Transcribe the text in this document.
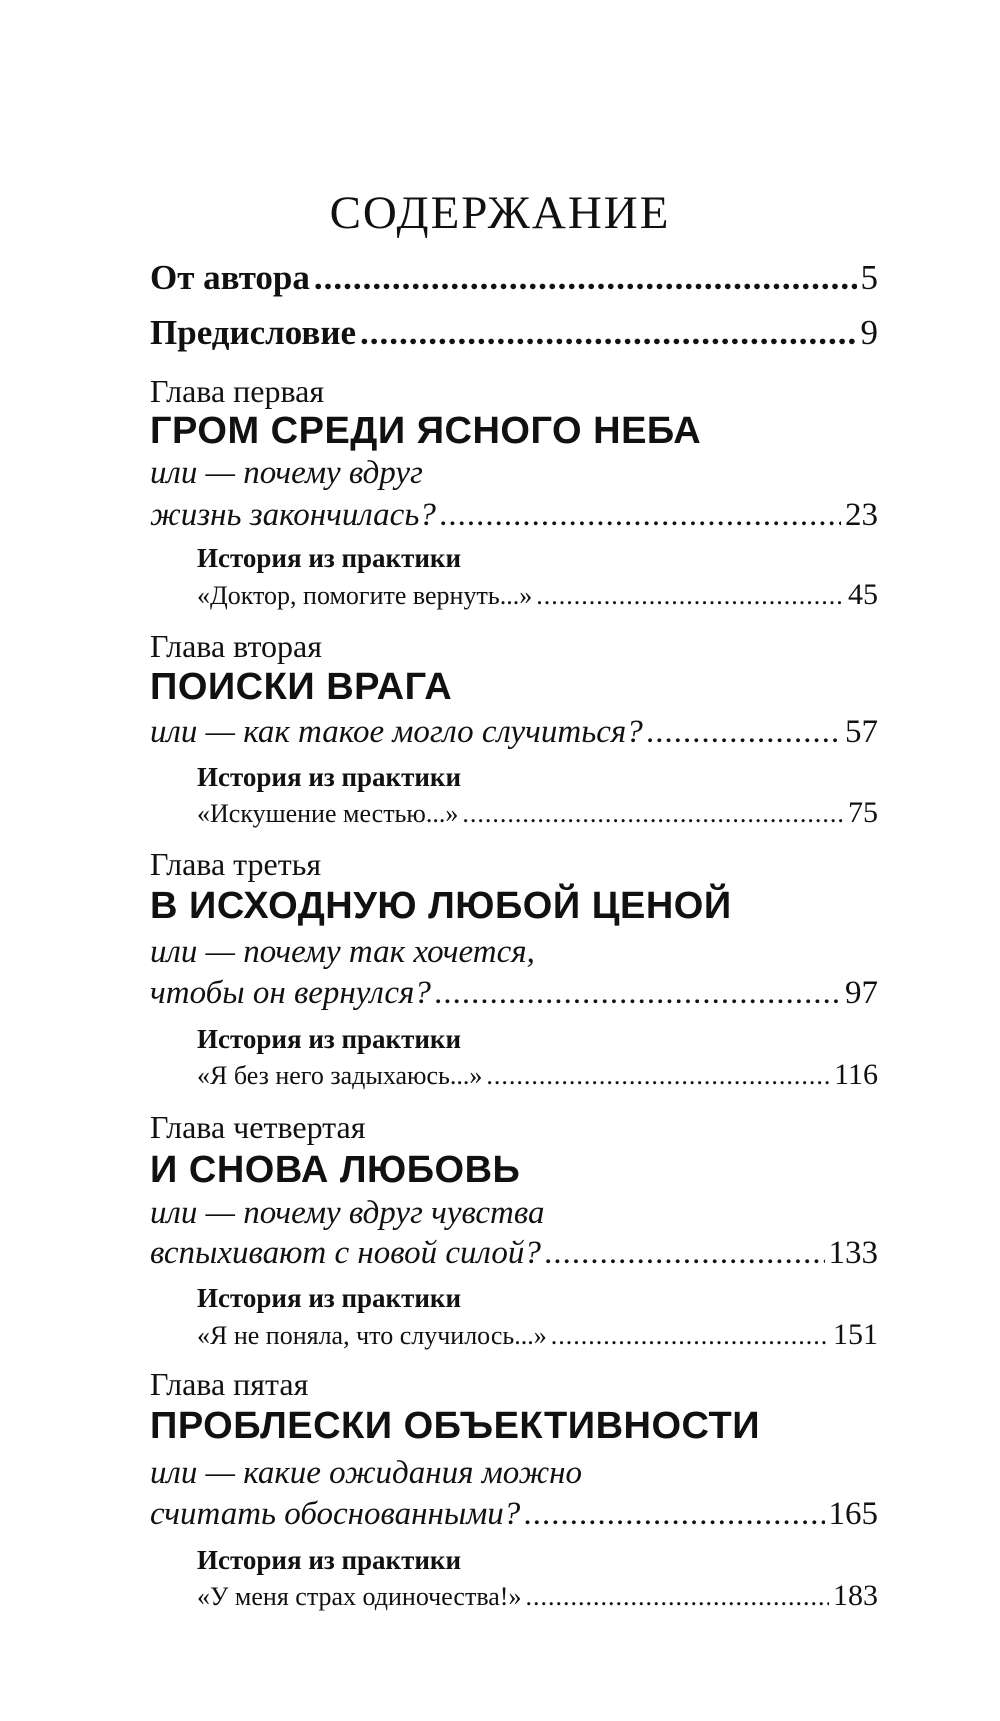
СОДЕРЖАНИЕ
От автора .....	5
Предисловие .....	9
Глава первая
ГРОМ СРЕДИ ЯСНОГО НЕБА
или — почему вдруг
жизнь закончилась? .....	23
История из практики
«Доктор, помогите вернуть...» .....	45
Глава вторая
ПОИСКИ ВРАГА
или — как такое могло случиться? .....	57
История из практики
«Искушение местью...» .....	75
Глава третья
В ИСХОДНУЮ ЛЮБОЙ ЦЕНОЙ
или — почему так хочется,
чтобы он вернулся? .....	97
История из практики
«Я без него задыхаюсь...» .....	116
Глава четвертая
И СНОВА ЛЮБОВЬ
или — почему вдруг чувства
вспыхивают с новой силой? .....	133
История из практики
«Я не поняла, что случилось...» .....	151
Глава пятая
ПРОБЛЕСКИ ОБЪЕКТИВНОСТИ
или — какие ожидания можно
считать обоснованными? .....	165
История из практики
«У меня страх одиночества!» .....	183
